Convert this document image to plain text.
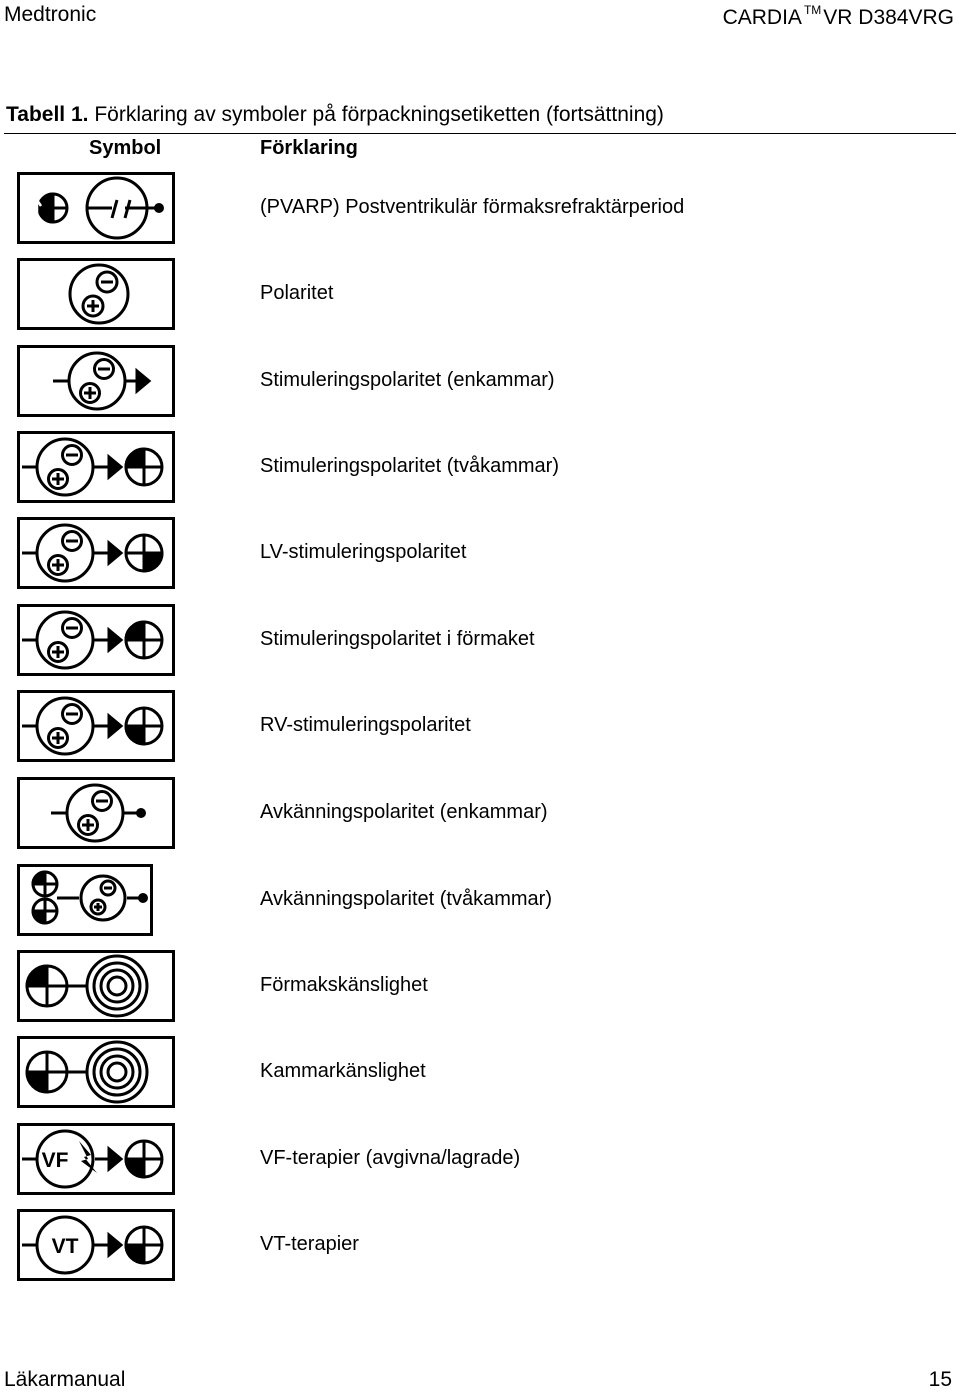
Medtronic	CARDIA ™VR D384VRG
Tabell 1. Förklaring av symboler på förpackningsetiketten (fortsättning)
Symbol	Förklaring
(PVARP) Postventrikulär förmaksrefraktärperiod
Polaritet
Stimuleringspolaritet (enkammar)
Stimuleringspolaritet (tvåkammar)
LV-stimuleringspolaritet
Stimuleringspolaritet i förmaket
RV-stimuleringspolaritet
Avkänningspolaritet (enkammar)
Avkänningspolaritet (tvåkammar)
Förmakskänslighet
Kammarkänslighet
VF	VF-terapier (avgivna/lagrade)
VT	VT-terapier
Läkarmanual	15
